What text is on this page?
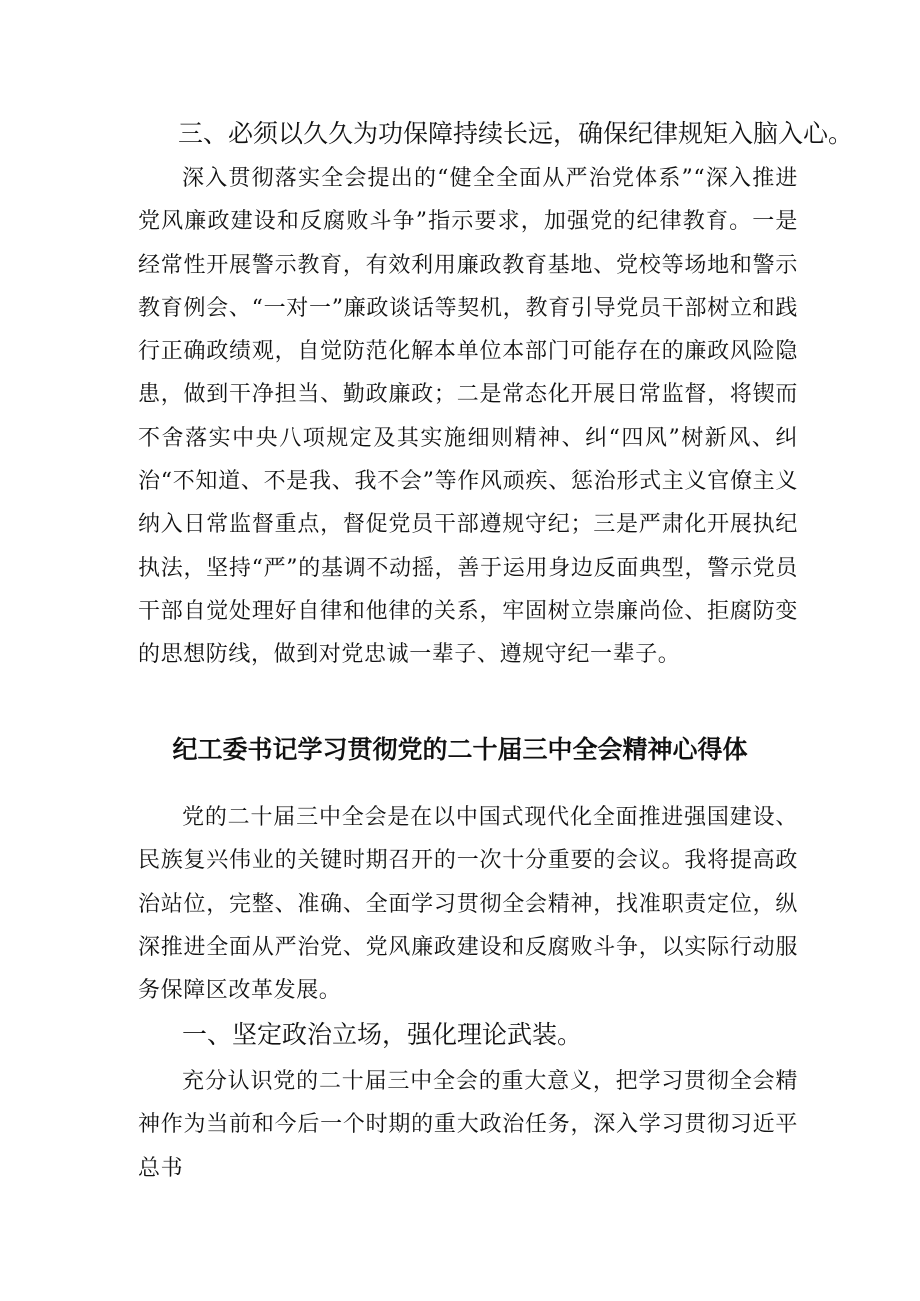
三、必须以久久为功保障持续长远，确保纪律规矩入脑入心。

深入贯彻落实全会提出的“健全全面从严治党体系”“深入推进党风廉政建设和反腐败斗争”指示要求，加强党的纪律教育。一是经常性开展警示教育，有效利用廉政教育基地、党校等场地和警示教育例会、“一对一”廉政谈话等契机，教育引导党员干部树立和践行正确政绩观，自觉防范化解本单位本部门可能存在的廉政风险隐患，做到干净担当、勤政廉政；二是常态化开展日常监督，将锲而不舍落实中央八项规定及其实施细则精神、纠“四风”树新风、纠治“不知道、不是我、我不会”等作风顽疾、惩治形式主义官僚主义纳入日常监督重点，督促党员干部遵规守纪；三是严肃化开展执纪执法，坚持“严”的基调不动摇，善于运用身边反面典型，警示党员干部自觉处理好自律和他律的关系，牢固树立崇廉尚俭、拒腐防变的思想防线，做到对党忠诚一辈子、遵规守纪一辈子。

纪工委书记学习贯彻党的二十届三中全会精神心得体

党的二十届三中全会是在以中国式现代化全面推进强国建设、民族复兴伟业的关键时期召开的一次十分重要的会议。我将提高政治站位，完整、准确、全面学习贯彻全会精神，找准职责定位，纵深推进全面从严治党、党风廉政建设和反腐败斗争，以实际行动服务保障区改革发展。

一、坚定政治立场，强化理论武装。

充分认识党的二十届三中全会的重大意义，把学习贯彻全会精神作为当前和今后一个时期的重大政治任务，深入学习贯彻习近平总书
